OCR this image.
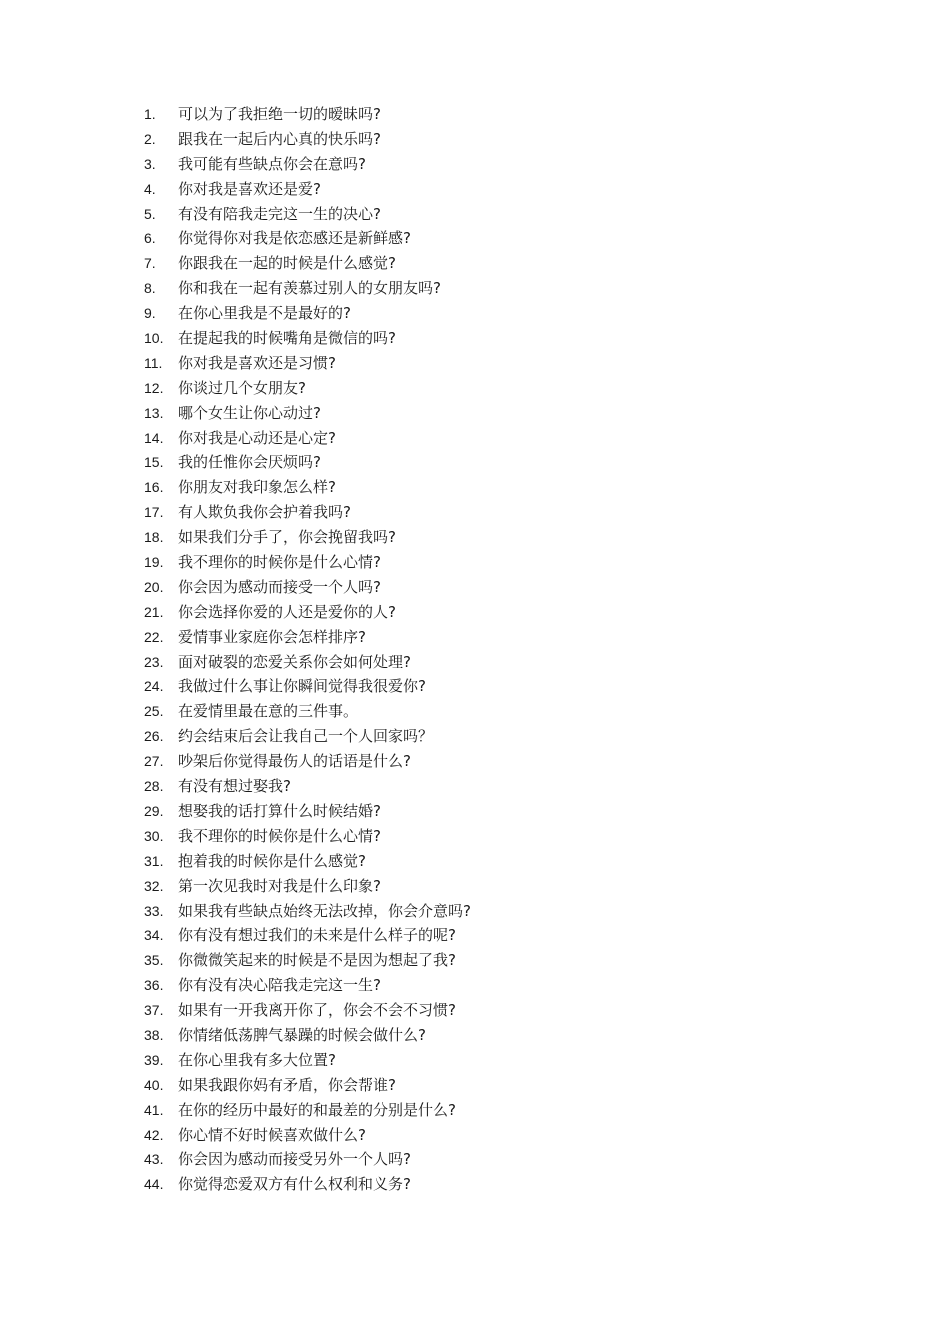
1.	可以为了我拒绝一切的暧昧吗?
2.	跟我在一起后内心真的快乐吗?
3.	我可能有些缺点你会在意吗?
4.	你对我是喜欢还是爱?
5.	有没有陪我走完这一生的决心?
6.	你觉得你对我是依恋感还是新鲜感?
7.	你跟我在一起的时候是什么感觉?
8.	你和我在一起有羡慕过别人的女朋友吗?
9.	在你心里我是不是最好的?
10. 在提起我的时候嘴角是微信的吗?
11.	你对我是喜欢还是习惯?
12. 你谈过几个女朋友?
13. 哪个女生让你心动过?
14. 你对我是心动还是心定?
15. 我的任惟你会厌烦吗?
16. 你朋友对我印象怎么样?
17. 有人欺负我你会护着我吗?
18. 如果我们分手了，你会挽留我吗?
19. 我不理你的时候你是什么心情?
20. 你会因为感动而接受一个人吗?
21. 你会选择你爱的人还是爱你的人?
22. 爱情事业家庭你会怎样排序?
23. 面对破裂的恋爱关系你会如何处理?
24. 我做过什么事让你瞬间觉得我很爱你?
25. 在爱情里最在意的三件事。
26. 约会结束后会让我自己一个人回家吗？
27. 吵架后你觉得最伤人的话语是什么?
28. 有没有想过娶我?
29. 想娶我的话打算什么时候结婚?
30. 我不理你的时候你是什么心情?
31. 抱着我的时候你是什么感觉?
32. 第一次见我时对我是什么印象?
33. 如果我有些缺点始终无法改掉，你会介意吗?
34. 你有没有想过我们的未来是什么样子的呢?
35. 你微微笑起来的时候是不是因为想起了我?
36. 你有没有决心陪我走完这一生?
37. 如果有一开我离开你了，你会不会不习惯?
38. 你情绪低荡脾气暴躁的时候会做什么?
39. 在你心里我有多大位置?
40. 如果我跟你妈有矛盾，你会帮谁?
41. 在你的经历中最好的和最差的分别是什么?
42. 你心情不好时候喜欢做什么?
43. 你会因为感动而接受另外一个人吗?
44. 你觉得恋爱双方有什么权利和义务?
